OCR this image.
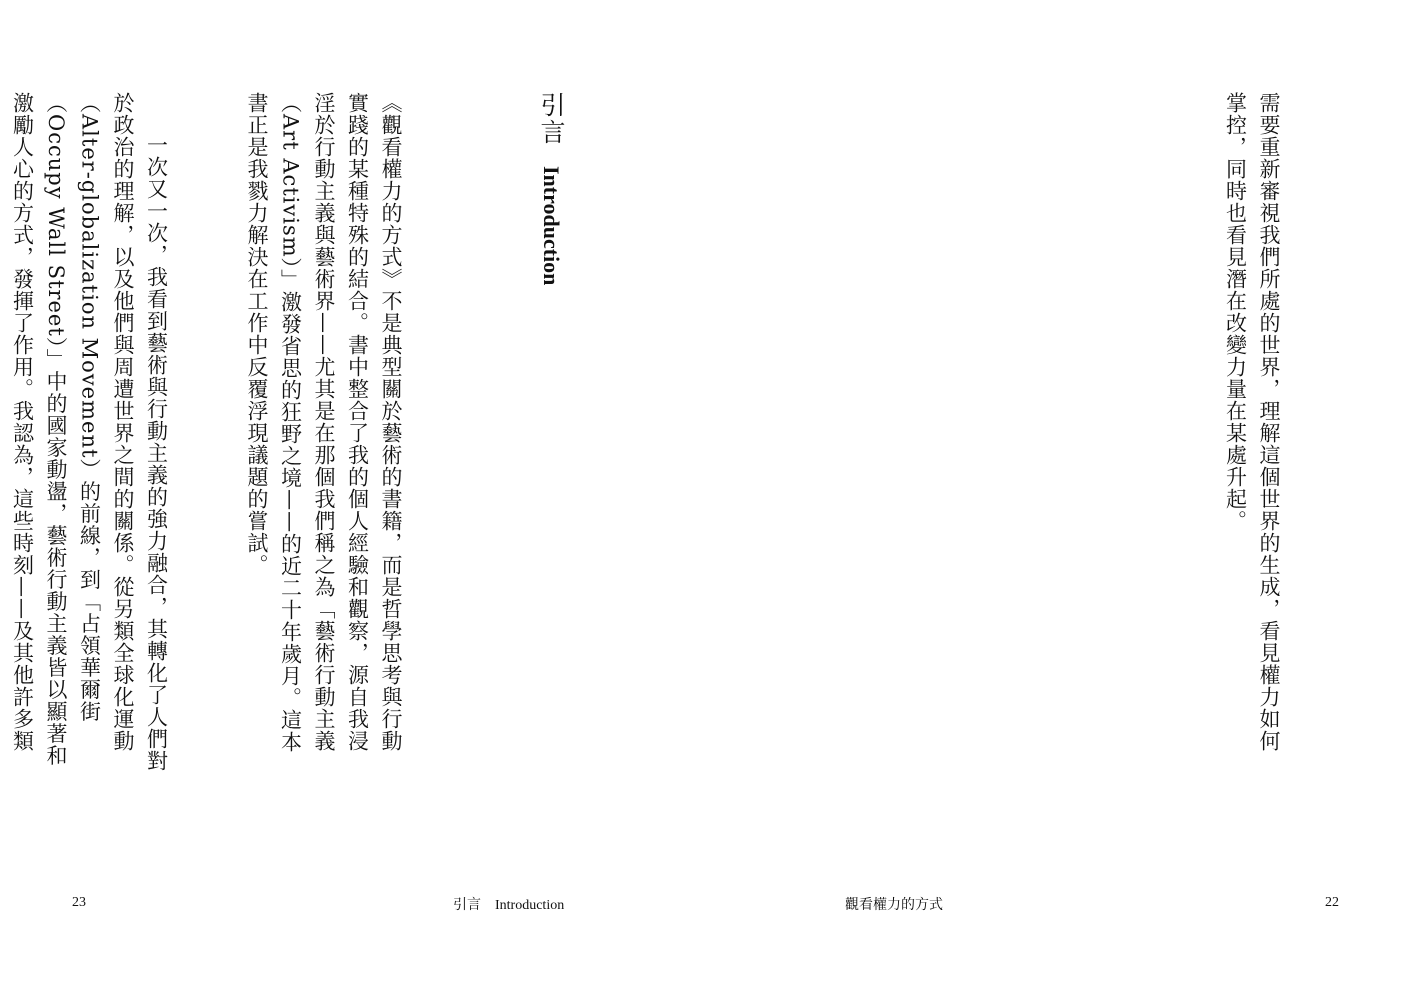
引言Introduction

《觀看權力的方式》不是典型關於藝術的書籍，而是哲學思考與行動實踐的某種特殊的結合。書中整合了我的個人經驗和觀察，源自我浸淫於行動主義與藝術界——尤其是在那個我們稱之為「藝術行動主義（Art Activism）」激發省思的狂野之境——的近二十年歲月。這本書正是我戮力解決在工作中反覆浮現議題的嘗試。

一次又一次，我看到藝術與行動主義的強力融合，其轉化了人們對於政治的理解，以及他們與周遭世界之間的關係。從另類全球化運動（Alter-globalization Movement）的前線，到「占領華爾街（Occupy Wall Street）」中的國家動盪，藝術行動主義皆以顯著和激勵人心的方式，發揮了作用。我認為，這些時刻——及其他許多類

23	引言 Introduction

需要重新審視我們所處的世界，理解這個世界的生成，看見權力如何掌控，同時也看見潛在改變力量在某處升起。

觀看權力的方式	22
